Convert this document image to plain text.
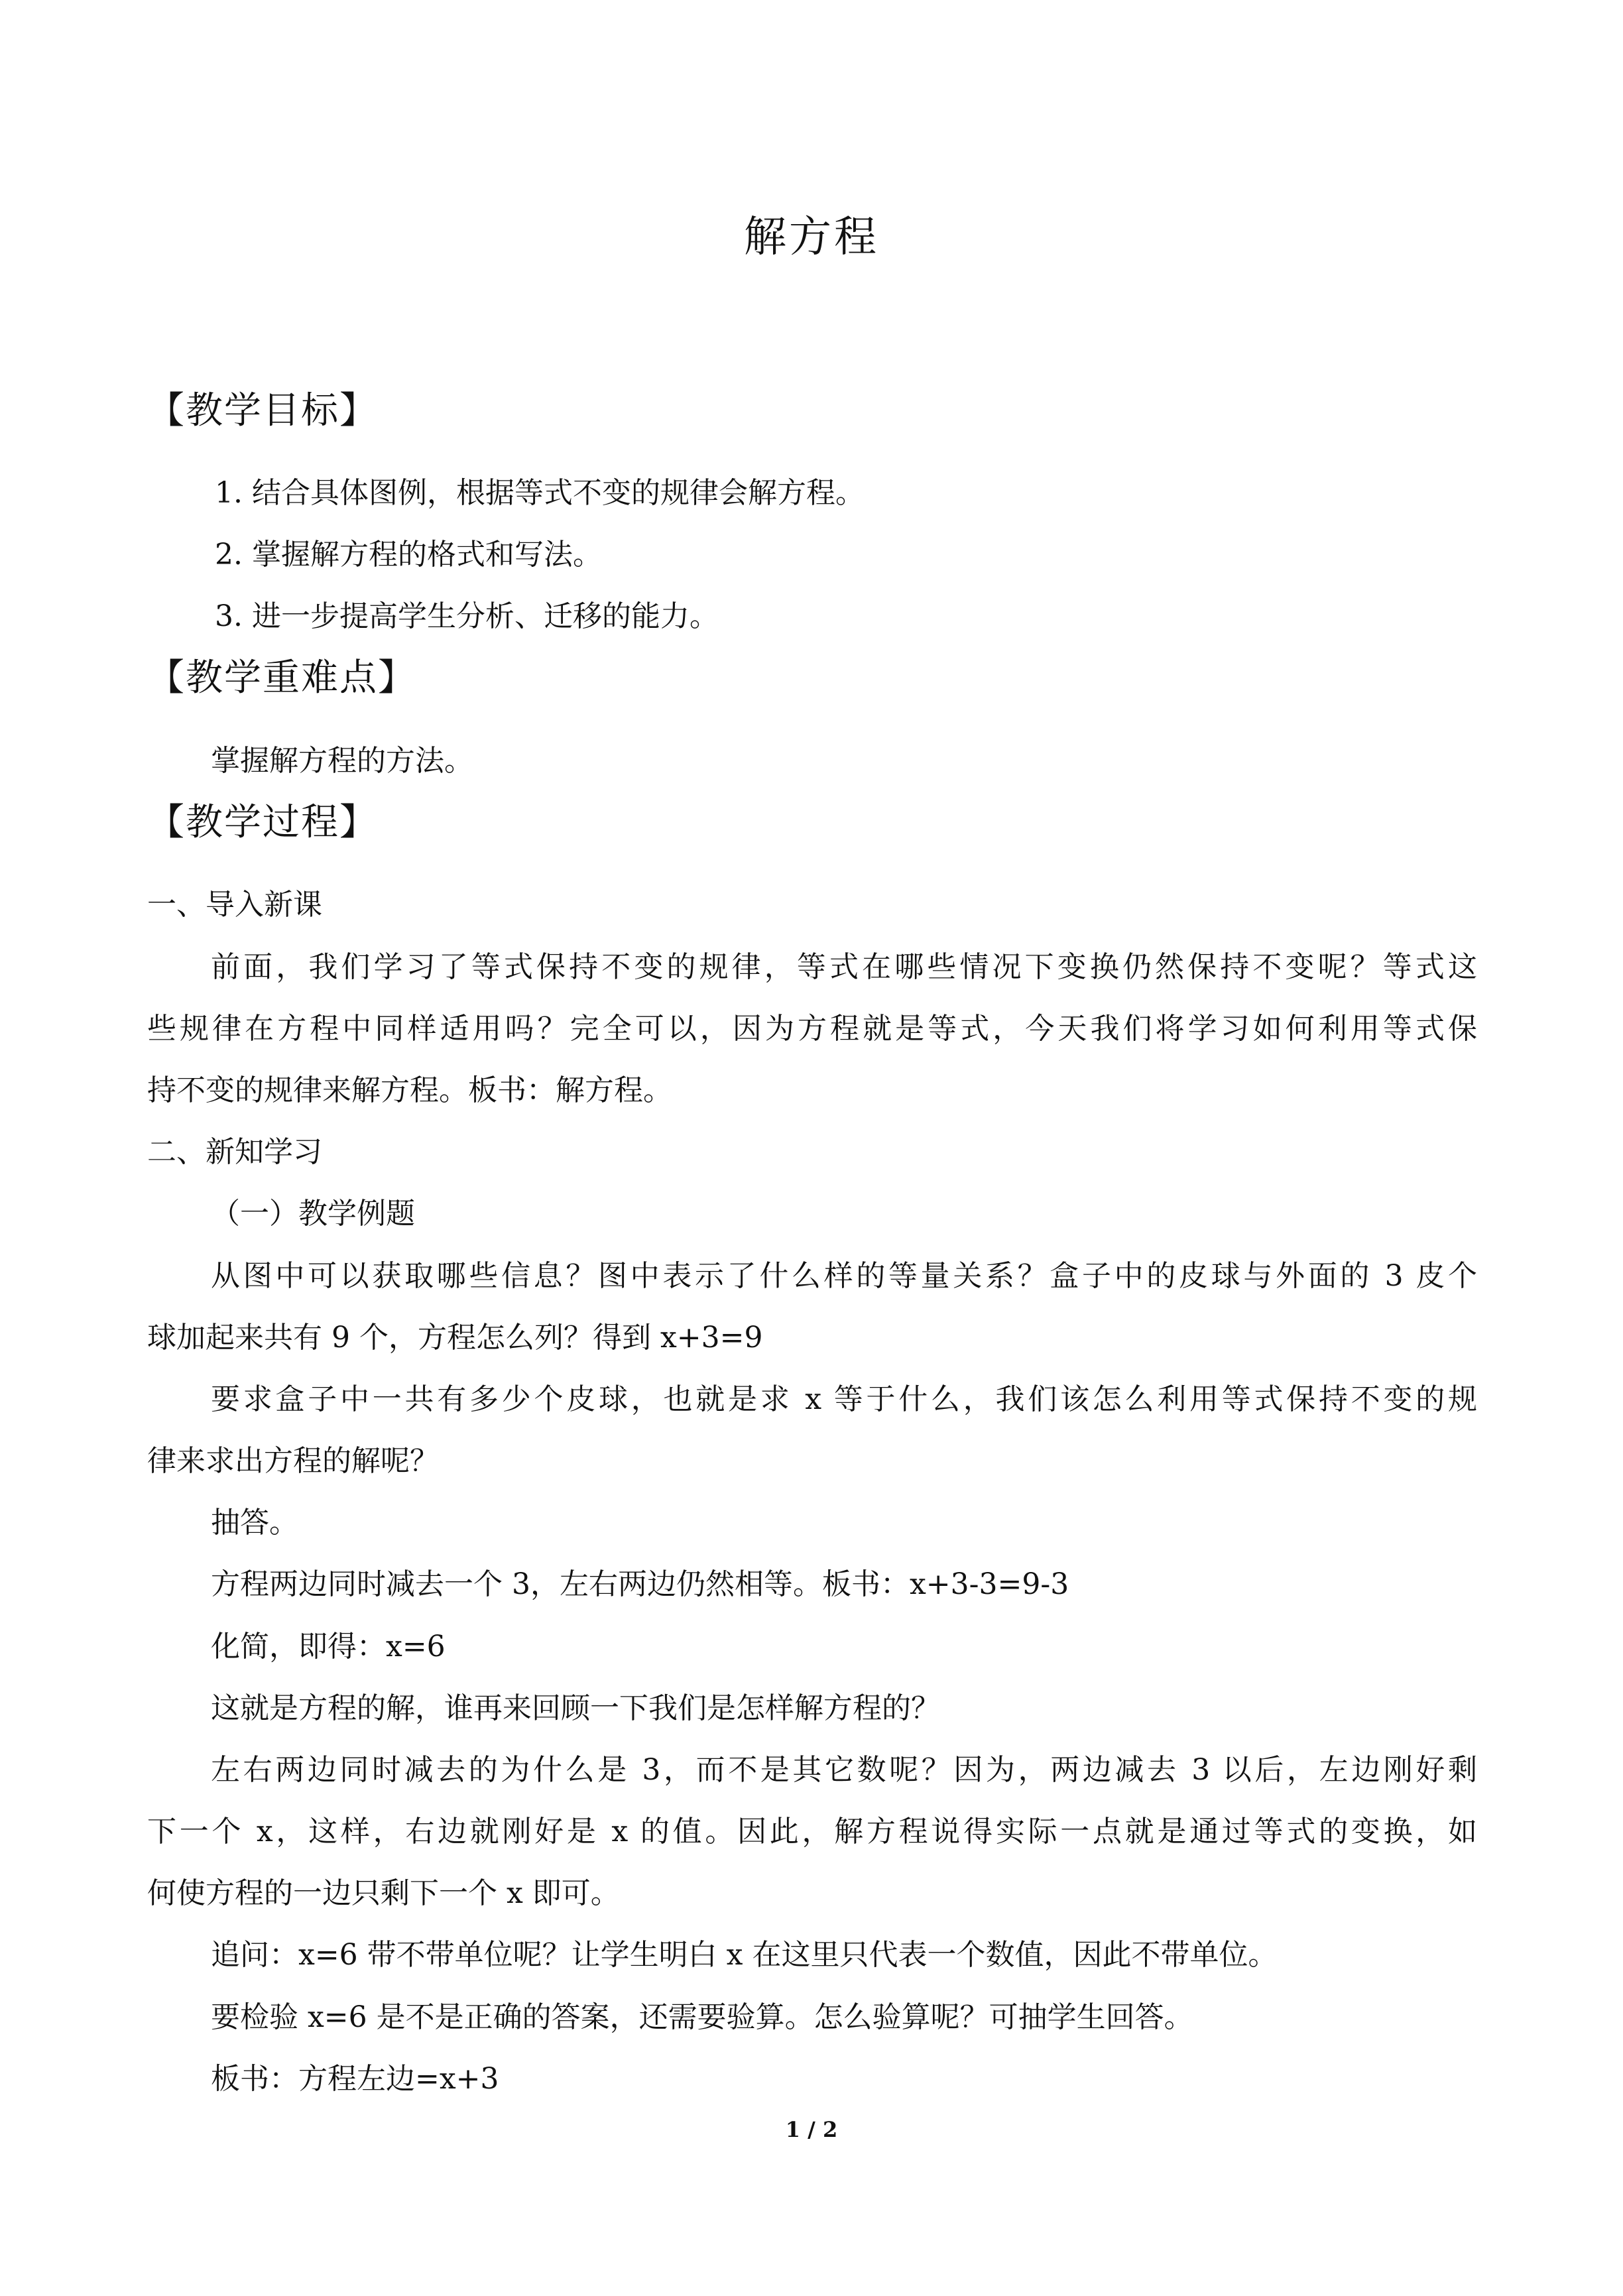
解方程
【教学目标】
1. 结合具体图例，根据等式不变的规律会解方程。
2. 掌握解方程的格式和写法。
3. 进一步提高学生分析、迁移的能力。
【教学重难点】
掌握解方程的方法。
【教学过程】
一、导入新课
前面，我们学习了等式保持不变的规律，等式在哪些情况下变换仍然保持不变呢？等式这
些规律在方程中同样适用吗？完全可以，因为方程就是等式，今天我们将学习如何利用等式保
持不变的规律来解方程。板书：解方程。
二、新知学习
（一）教学例题
从图中可以获取哪些信息？图中表示了什么样的等量关系？盒子中的皮球与外面的 3 皮个
球加起来共有 9 个，方程怎么列？得到 x+3=9
要求盒子中一共有多少个皮球，也就是求 x 等于什么，我们该怎么利用等式保持不变的规
律来求出方程的解呢？
抽答。
方程两边同时减去一个 3，左右两边仍然相等。板书：x+3-3=9-3
化简，即得：x=6
这就是方程的解，谁再来回顾一下我们是怎样解方程的？
左右两边同时减去的为什么是 3，而不是其它数呢？因为，两边减去 3 以后，左边刚好剩
下一个 x，这样，右边就刚好是 x 的值。因此，解方程说得实际一点就是通过等式的变换，如
何使方程的一边只剩下一个 x 即可。
追问：x=6 带不带单位呢？让学生明白 x 在这里只代表一个数值，因此不带单位。
要检验 x=6 是不是正确的答案，还需要验算。怎么验算呢？可抽学生回答。
板书：方程左边=x+3
1 / 2
